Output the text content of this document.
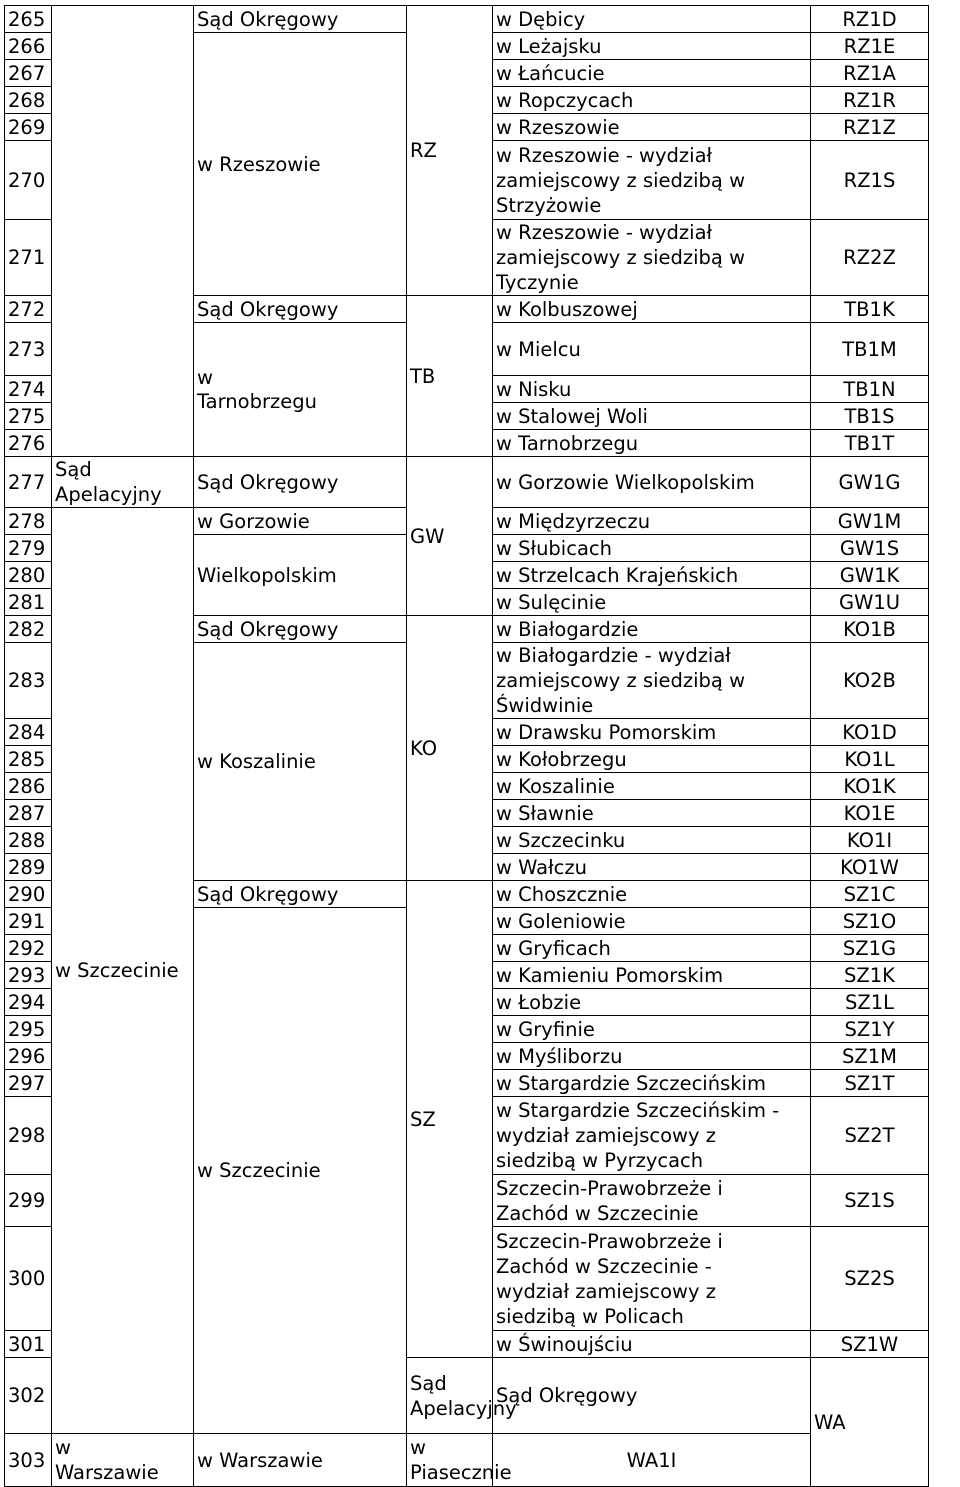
265		Sąd Okręgowy	RZ	w Dębicy	RZ1D	
266		w Rzeszowie		w Leżajsku	RZ1E	
267				w Łańcucie	RZ1A	
268				w Ropczycach	RZ1R	
269				w Rzeszowie	RZ1Z	
270				w Rzeszowie - wydział
zamiejscowy z siedzibą w
Strzyżowie	RZ1S	
271				w Rzeszowie - wydział
zamiejscowy z siedzibą w
Tyczynie	RZ2Z	
272		Sąd Okręgowy	TB	w Kolbuszowej	TB1K	
273		w
Tarnobrzegu		w Mielcu	TB1M	
274				w Nisku	TB1N	
275				w Stalowej Woli	TB1S	
276				w Tarnobrzegu	TB1T	
277	Sąd
Apelacyjny	Sąd Okręgowy	GW	w Gorzowie Wielkopolskim	GW1G	
278	w Szczecinie	w Gorzowie		w Międzyrzeczu	GW1M	
279		Wielkopolskim		w Słubicach	GW1S	
280				w Strzelcach Krajeńskich	GW1K	
281				w Sulęcinie	GW1U	
282		Sąd Okręgowy	KO	w Białogardzie	KO1B	
283		w Koszalinie		w Białogardzie - wydział
zamiejscowy z siedzibą w
Świdwinie	KO2B	
284				w Drawsku Pomorskim	KO1D	
285				w Kołobrzegu	KO1L	
286				w Koszalinie	KO1K	
287				w Sławnie	KO1E	
288				w Szczecinku	KO1I	
289				w Wałczu	KO1W	
290		Sąd Okręgowy	SZ	w Choszcznie	SZ1C	
291		w Szczecinie		w Goleniowie	SZ1O	
292				w Gryficach	SZ1G	
293				w Kamieniu Pomorskim	SZ1K	
294				w Łobzie	SZ1L	
295				w Gryfinie	SZ1Y	
296				w Myśliborzu	SZ1M	
297				w Stargardzie Szczecińskim	SZ1T	
298				w Stargardzie Szczecińskim -
wydział zamiejscowy z
siedzibą w Pyrzycach	SZ2T	
299				Szczecin-Prawobrzeże i
Zachód w Szczecinie	SZ1S	
300				Szczecin-Prawobrzeże i
Zachód w Szczecinie -
wydział zamiejscowy z
siedzibą w Policach	SZ2S	
301				w Świnoujściu	SZ1W	
302			Sąd
Apelacyjny	Sąd Okręgowy	WA		
303	w
Warszawie	w Warszawie	w Piasecznie	WA1I		
